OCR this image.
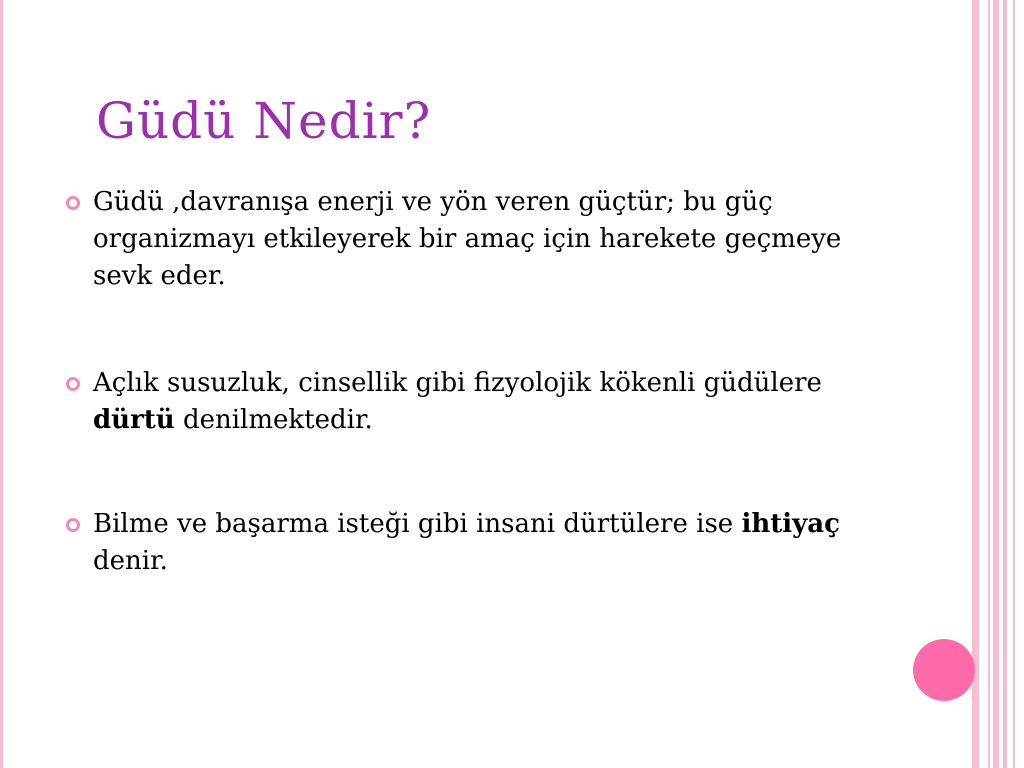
Güdü Nedir?
Güdü ,davranışa enerji ve yön veren güçtür; bu güç organizmayı etkileyerek bir amaç için harekete geçmeye sevk eder.
Açlık susuzluk, cinsellik gibi fizyolojik kökenli güdülere dürtü denilmektedir.
Bilme ve başarma isteği gibi insani dürtülere ise ihtiyaç denir.
